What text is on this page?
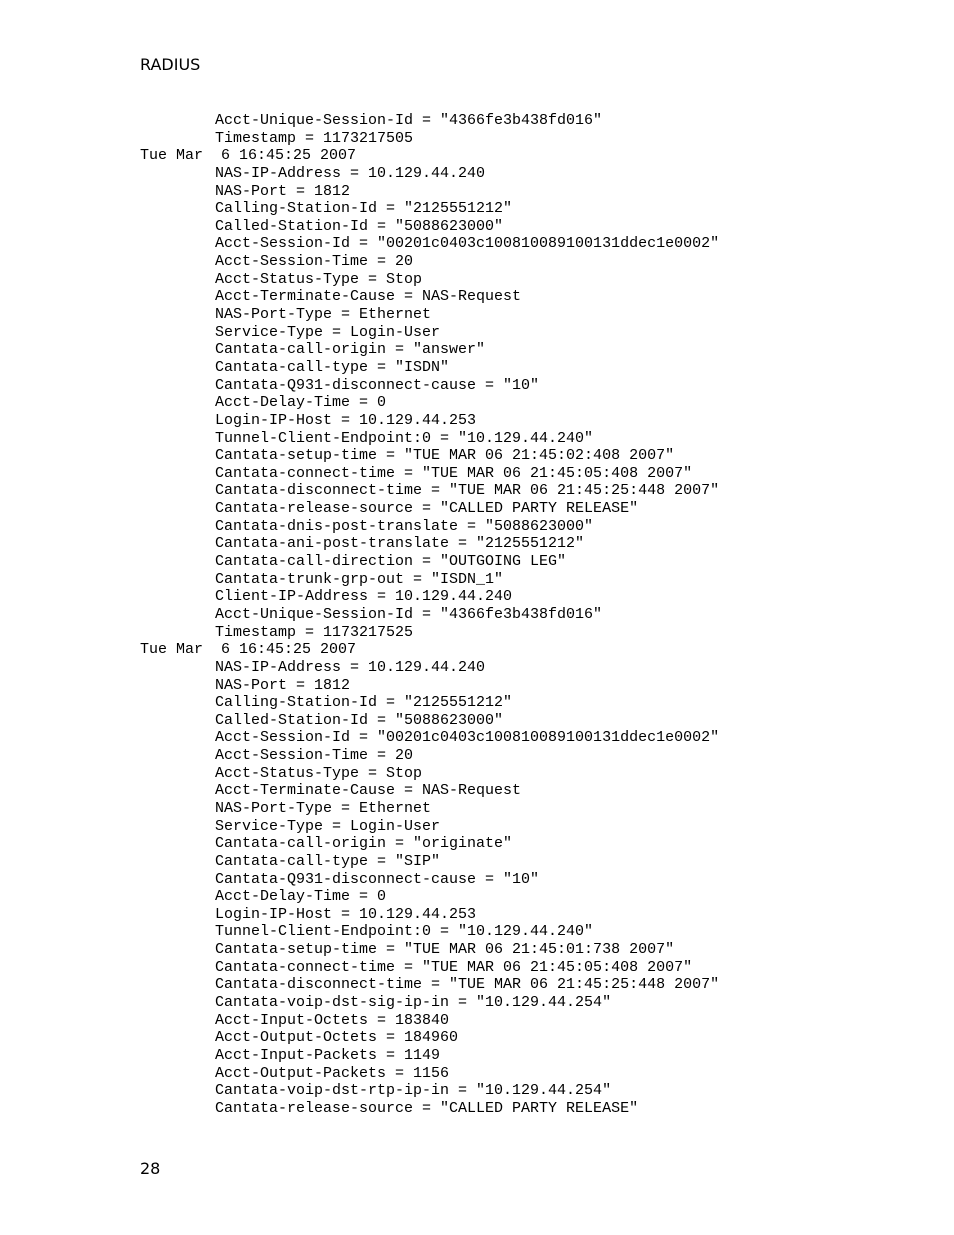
RADIUS
Acct-Unique-Session-Id = "4366fe3b438fd016"
Timestamp = 1173217505
Tue Mar  6 16:45:25 2007
NAS-IP-Address = 10.129.44.240
NAS-Port = 1812
Calling-Station-Id = "2125551212"
Called-Station-Id = "5088623000"
Acct-Session-Id = "00201c0403c100810089100131ddec1e0002"
Acct-Session-Time = 20
Acct-Status-Type = Stop
Acct-Terminate-Cause = NAS-Request
NAS-Port-Type = Ethernet
Service-Type = Login-User
Cantata-call-origin = "answer"
Cantata-call-type = "ISDN"
Cantata-Q931-disconnect-cause = "10"
Acct-Delay-Time = 0
Login-IP-Host = 10.129.44.253
Tunnel-Client-Endpoint:0 = "10.129.44.240"
Cantata-setup-time = "TUE MAR 06 21:45:02:408 2007"
Cantata-connect-time = "TUE MAR 06 21:45:05:408 2007"
Cantata-disconnect-time = "TUE MAR 06 21:45:25:448 2007"
Cantata-release-source = "CALLED PARTY RELEASE"
Cantata-dnis-post-translate = "5088623000"
Cantata-ani-post-translate = "2125551212"
Cantata-call-direction = "OUTGOING LEG"
Cantata-trunk-grp-out = "ISDN_1"
Client-IP-Address = 10.129.44.240
Acct-Unique-Session-Id = "4366fe3b438fd016"
Timestamp = 1173217525
Tue Mar  6 16:45:25 2007
NAS-IP-Address = 10.129.44.240
NAS-Port = 1812
Calling-Station-Id = "2125551212"
Called-Station-Id = "5088623000"
Acct-Session-Id = "00201c0403c100810089100131ddec1e0002"
Acct-Session-Time = 20
Acct-Status-Type = Stop
Acct-Terminate-Cause = NAS-Request
NAS-Port-Type = Ethernet
Service-Type = Login-User
Cantata-call-origin = "originate"
Cantata-call-type = "SIP"
Cantata-Q931-disconnect-cause = "10"
Acct-Delay-Time = 0
Login-IP-Host = 10.129.44.253
Tunnel-Client-Endpoint:0 = "10.129.44.240"
Cantata-setup-time = "TUE MAR 06 21:45:01:738 2007"
Cantata-connect-time = "TUE MAR 06 21:45:05:408 2007"
Cantata-disconnect-time = "TUE MAR 06 21:45:25:448 2007"
Cantata-voip-dst-sig-ip-in = "10.129.44.254"
Acct-Input-Octets = 183840
Acct-Output-Octets = 184960
Acct-Input-Packets = 1149
Acct-Output-Packets = 1156
Cantata-voip-dst-rtp-ip-in = "10.129.44.254"
Cantata-release-source = "CALLED PARTY RELEASE"
28
